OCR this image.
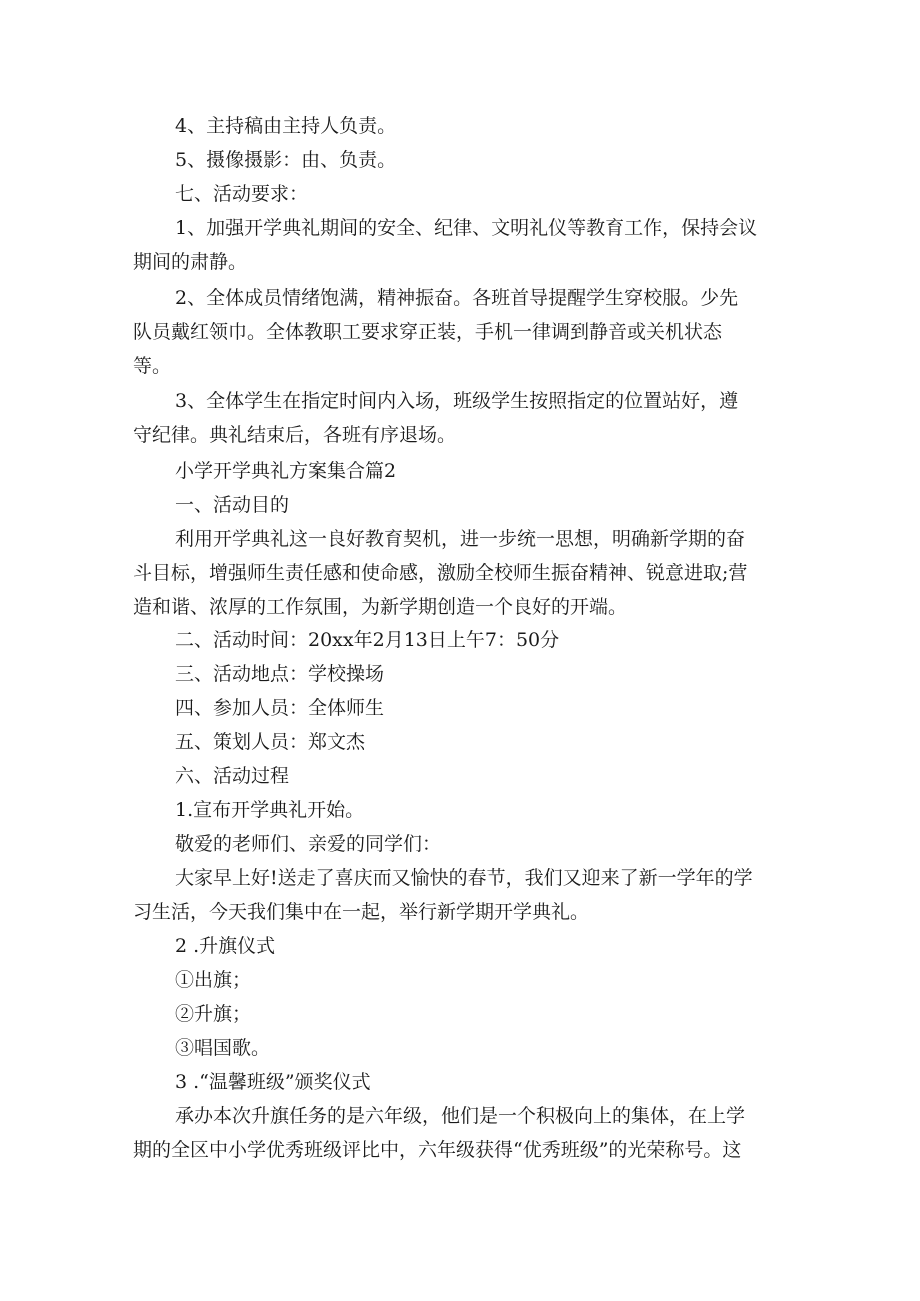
4、主持稿由主持人负责。
5、摄像摄影：由、负责。
七、活动要求：
1、加强开学典礼期间的安全、纪律、文明礼仪等教育工作，保持会议
期间的肃静。
2、全体成员情绪饱满，精神振奋。各班首导提醒学生穿校服。少先
队员戴红领巾。全体教职工要求穿正装，手机一律调到静音或关机状态
等。
3、全体学生在指定时间内入场，班级学生按照指定的位置站好，遵
守纪律。典礼结束后，各班有序退场。
小学开学典礼方案集合篇2
一、活动目的
利用开学典礼这一良好教育契机，进一步统一思想，明确新学期的奋
斗目标，增强师生责任感和使命感，激励全校师生振奋精神、锐意进取;营
造和谐、浓厚的工作氛围，为新学期创造一个良好的开端。
二、活动时间：20xx年2月13日上午7：50分
三、活动地点：学校操场
四、参加人员：全体师生
五、策划人员：郑文杰
六、活动过程
1.宣布开学典礼开始。
敬爱的老师们、亲爱的同学们：
大家早上好!送走了喜庆而又愉快的春节，我们又迎来了新一学年的学
习生活，今天我们集中在一起，举行新学期开学典礼。
2 .升旗仪式
①出旗；
②升旗；
③唱国歌。
3 .“温馨班级”颁奖仪式
承办本次升旗任务的是六年级，他们是一个积极向上的集体，在上学
期的全区中小学优秀班级评比中，六年级获得“优秀班级”的光荣称号。这
